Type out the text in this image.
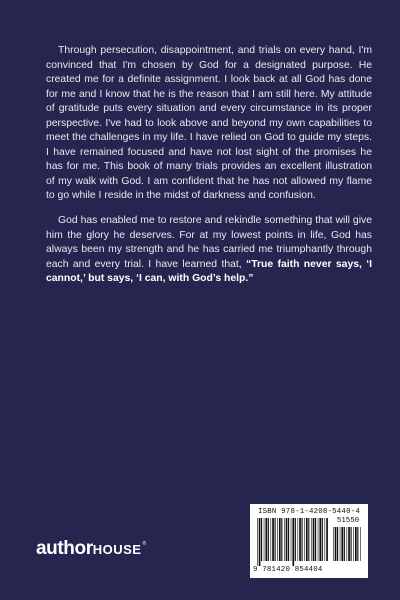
Through persecution, disappointment, and trials on every hand, I'm convinced that I'm chosen by God for a designated purpose. He created me for a definite assignment. I look back at all God has done for me and I know that he is the reason that I am still here. My attitude of gratitude puts every situation and every circumstance in its proper perspective. I've had to look above and beyond my own capabilities to meet the challenges in my life. I have relied on God to guide my steps. I have remained focused and have not lost sight of the promises he has for me. This book of many trials provides an excellent illustration of my walk with God. I am confident that he has not allowed my flame to go while I reside in the midst of darkness and confusion.

God has enabled me to restore and rekindle something that will give him the glory he deserves. For at my lowest points in life, God has always been my strength and he has carried me triumphantly through each and every trial. I have learned that, “True faith never says, ‘I cannot,’ but says, ‘I can, with God’s help.”

authorHOUSE®
ISBN 978-1-4208-5440-4
51550
9 781420 854404
